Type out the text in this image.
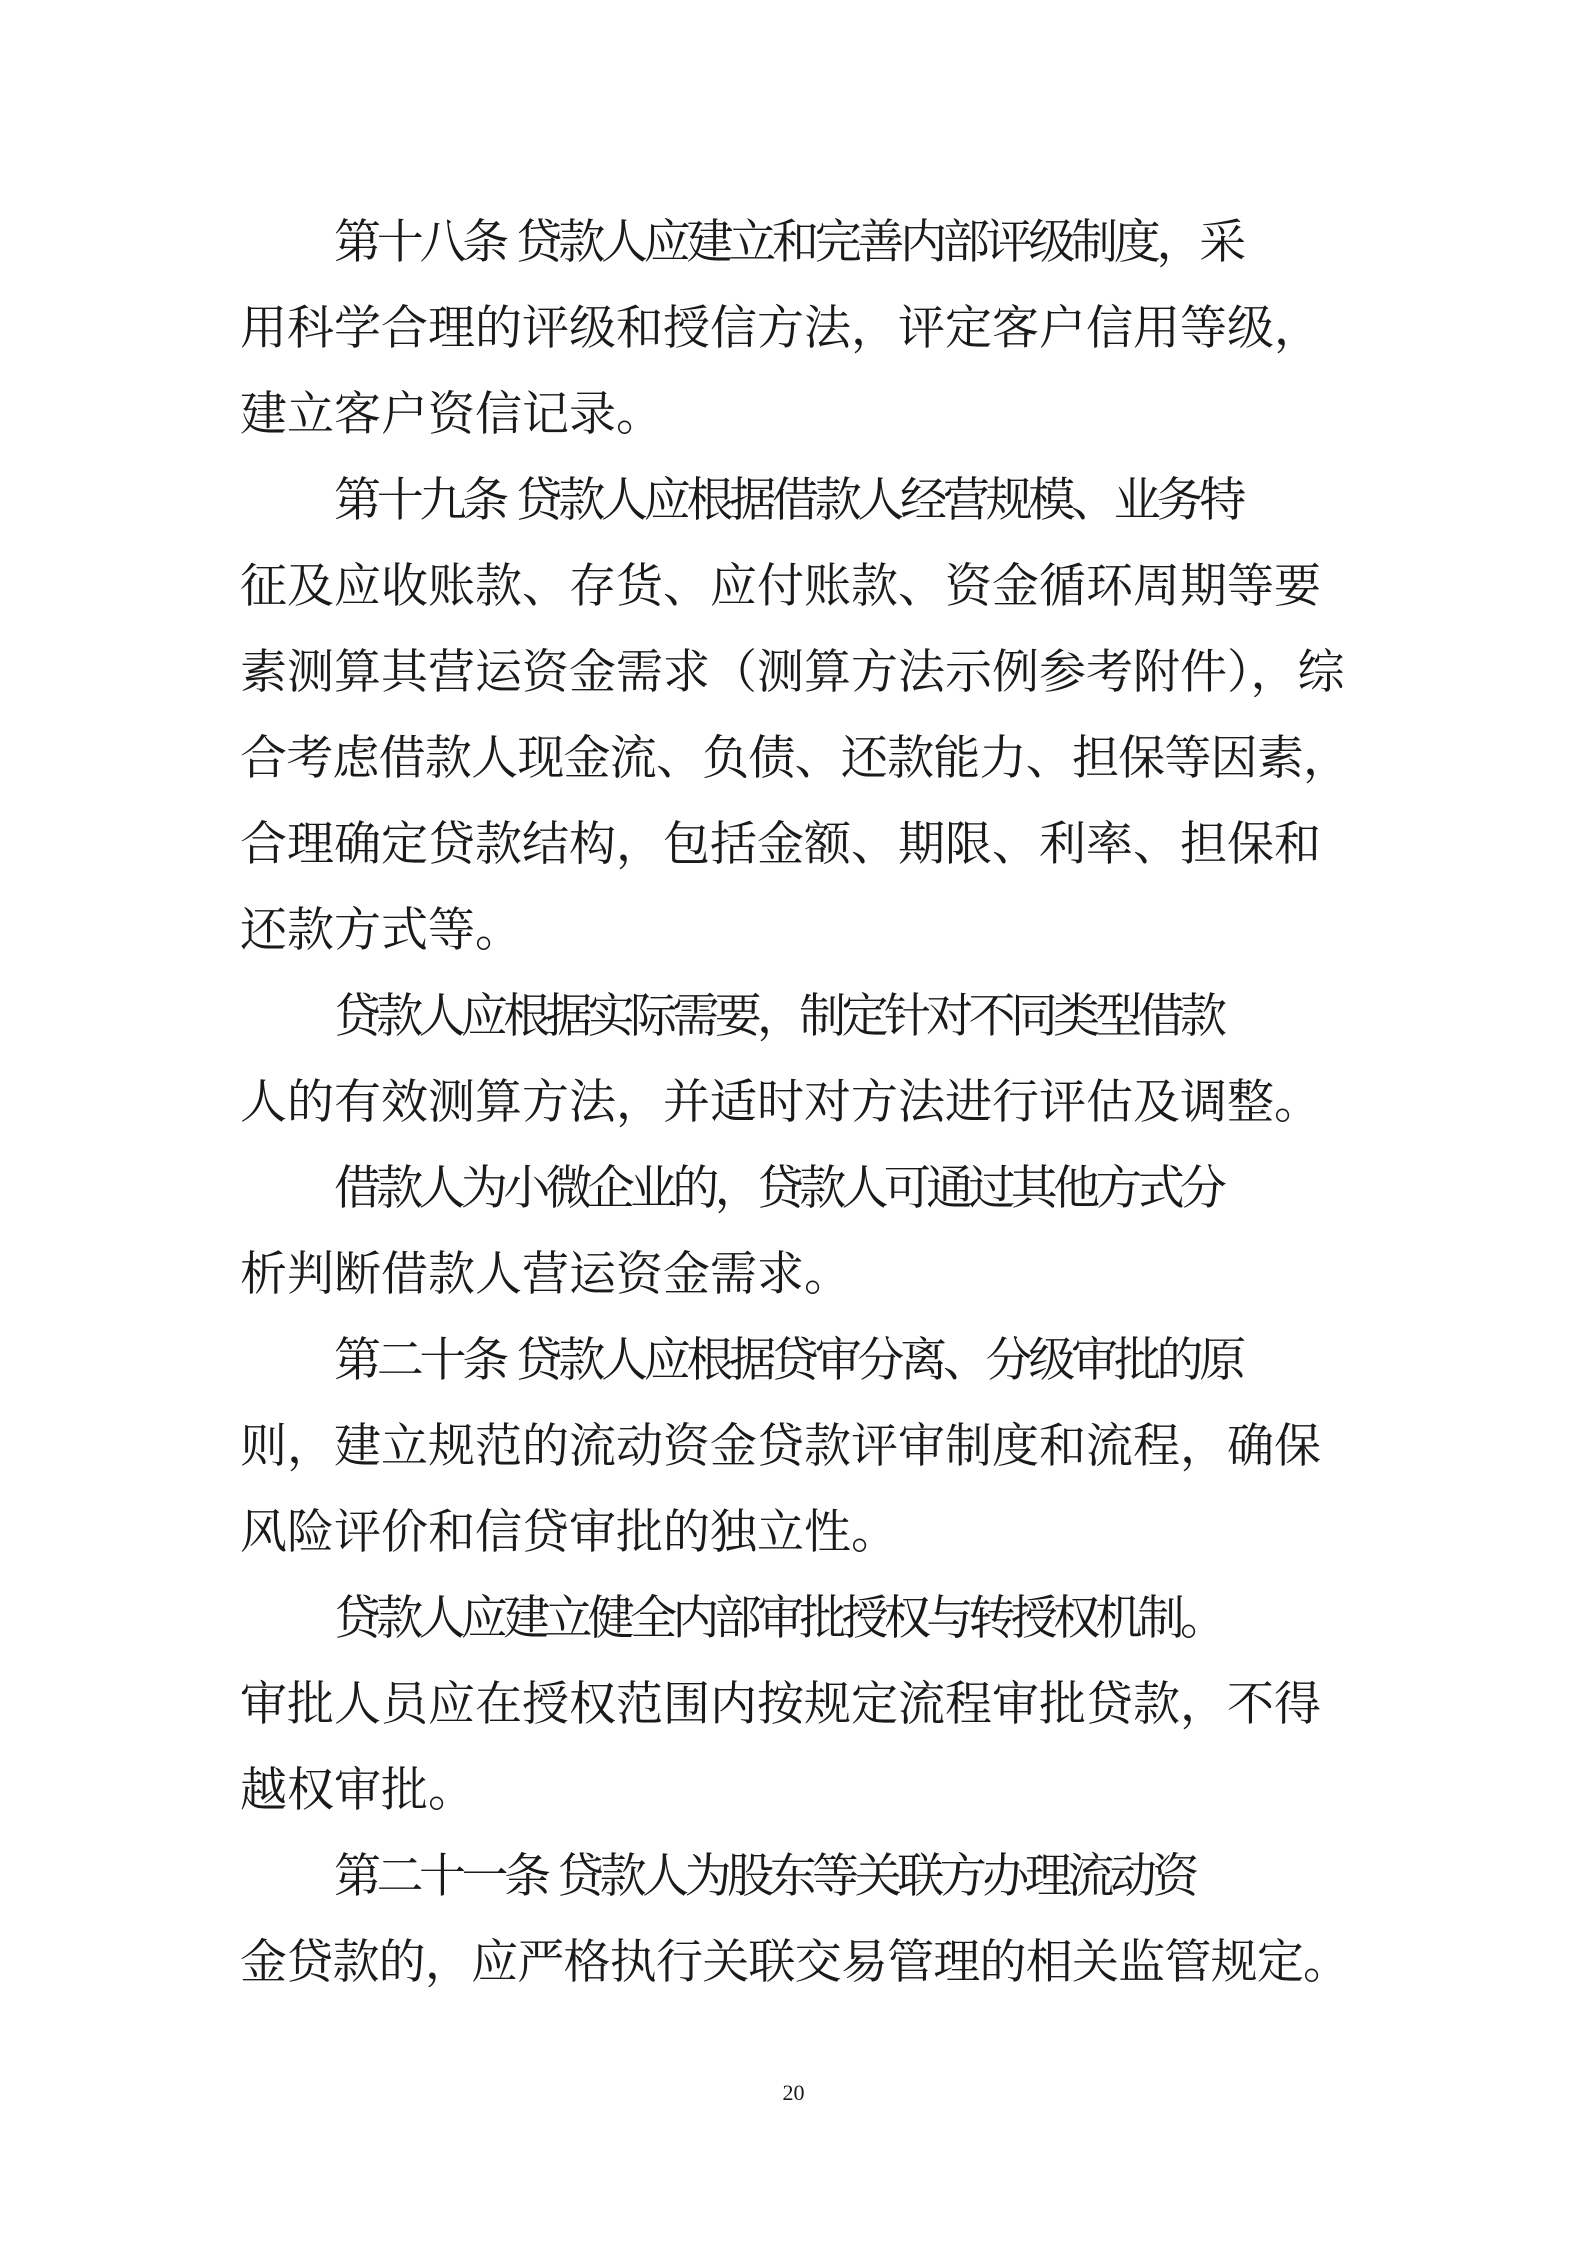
第十八条 贷款人应建立和完善内部评级制度，采
用科学合理的评级和授信方法，评定客户信用等级，
建立客户资信记录。
第十九条 贷款人应根据借款人经营规模、业务特
征及应收账款、存货、应付账款、资金循环周期等要
素测算其营运资金需求（测算方法示例参考附件），综
合考虑借款人现金流、负债、还款能力、担保等因素，
合理确定贷款结构，包括金额、期限、利率、担保和
还款方式等。
贷款人应根据实际需要，制定针对不同类型借款
人的有效测算方法，并适时对方法进行评估及调整。
借款人为小微企业的，贷款人可通过其他方式分
析判断借款人营运资金需求。
第二十条 贷款人应根据贷审分离、分级审批的原
则，建立规范的流动资金贷款评审制度和流程，确保
风险评价和信贷审批的独立性。
贷款人应建立健全内部审批授权与转授权机制。
审批人员应在授权范围内按规定流程审批贷款，不得
越权审批。
第二十一条 贷款人为股东等关联方办理流动资
金贷款的，应严格执行关联交易管理的相关监管规定。
20
